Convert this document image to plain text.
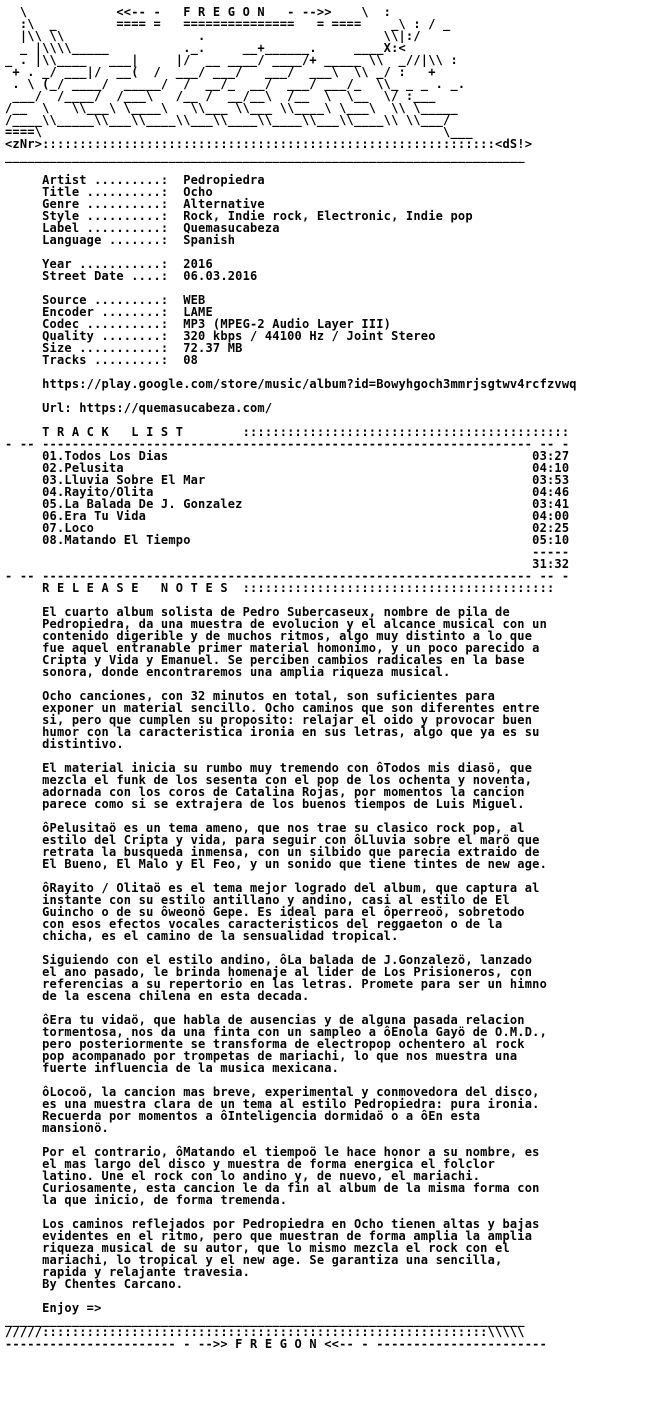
\            <<-- -   F R E G O N   - -->>    \  :
:\  _        ==== =   ===============   = ====    _\ : / _
|\\ \\                  .                        \\|:/
_ |\\\\_____          ._.     __+______.     ____X:<
_ . |\\____   ___|     |/  __ ____/ ____/+ _____ \\  _//|\\ :
+ . _/ ___|/  __(  /  ___/ ___/   ___/  ___\  \\ _/ :   +
. \ (_/ ____/  _____/  /  __/_  __/  ___/ ___/_  \\_ _ _ . _.
___/  /____/  /___\   /__ /  __/__\  /__  \  \__  \/ :___
/__  \   \\___\ \____\   \\___ \\___ \\____\ \___\  \\ \_____
/____\\_____\\___\\____\\___\\____\\____\\___\\____\\ \\___/
====\                                                      \___
<zNr>:::::::::::::::::::::::::::::::::::::::::::::::::::::::::::::<dS!>
______________________________________________________________________

Artist .........:  Pedropiedra
Title ..........:  Ocho
Genre ..........:  Alternative
Style ..........:  Rock, Indie rock, Electronic, Indie pop
Label ..........:  Quemasucabeza
Language .......:  Spanish

Year ...........:  2016
Street Date ....:  06.03.2016

Source .........:  WEB
Encoder ........:  LAME
Codec ..........:  MP3 (MPEG-2 Audio Layer III)
Quality ........:  320 kbps / 44100 Hz / Joint Stereo
Size ...........:  72.37 MB
Tracks .........:  08

https://play.google.com/store/music/album?id=Bowyhgoch3mmrjsgtwv4rcfzvwq

Url: https://quemasucabeza.com/

T R A C K   L I S T        ::::::::::::::::::::::::::::::::::::::::::::
- -- ------------------------------------------------------------------ -- -
01.Todos Los Dias                                                 03:27
02.Pelusita                                                       04:10
03.Lluvia Sobre El Mar                                            03:53
04.Rayito/Olita                                                   04:46
05.La Balada De J. Gonzalez                                       03:41
06.Era Tu Vida                                                    04:00
07.Loco                                                           02:25
08.Matando El Tiempo                                              05:10
-----
31:32
- -- ------------------------------------------------------------------ -- -
R E L E A S E   N O T E S  ::::::::::::::::::::::::::::::::::::::::::

El cuarto album solista de Pedro Subercaseux, nombre de pila de
Pedropiedra, da una muestra de evolucion y el alcance musical con un
contenido digerible y de muchos ritmos, algo muy distinto a lo que
fue aquel entranable primer material homonimo, y un poco parecido a
Cripta y Vida y Emanuel. Se perciben cambios radicales en la base
sonora, donde encontraremos una amplia riqueza musical.

Ocho canciones, con 32 minutos en total, son suficientes para
exponer un material sencillo. Ocho caminos que son diferentes entre
si, pero que cumplen su proposito: relajar el oido y provocar buen
humor con la caracteristica ironia en sus letras, algo que ya es su
distintivo.

El material inicia su rumbo muy tremendo con ôTodos mis diasö, que
mezcla el funk de los sesenta con el pop de los ochenta y noventa,
adornada con los coros de Catalina Rojas, por momentos la cancion
parece como si se extrajera de los buenos tiempos de Luis Miguel.

ôPelusitaö es un tema ameno, que nos trae su clasico rock pop, al
estilo del Cripta y vida, para seguir con ôLluvia sobre el marö que
retrata la busqueda inmensa, con un silbido que parecia extraido de
El Bueno, El Malo y El Feo, y un sonido que tiene tintes de new age.

ôRayito / Olitaö es el tema mejor logrado del album, que captura al
instante con su estilo antillano y andino, casi al estilo de El
Guincho o de su ôweonö Gepe. Es ideal para el ôperreoö, sobretodo
con esos efectos vocales caracteristicos del reggaeton o de la
chicha, es el camino de la sensualidad tropical.

Siguiendo con el estilo andino, ôLa balada de J.Gonzalezö, lanzado
el ano pasado, le brinda homenaje al lider de Los Prisioneros, con
referencias a su repertorio en las letras. Promete para ser un himno
de la escena chilena en esta decada.

ôEra tu vidaö, que habla de ausencias y de alguna pasada relacion
tormentosa, nos da una finta con un sampleo a ôEnola Gayö de O.M.D.,
pero posteriormente se transforma de electropop ochentero al rock
pop acompanado por trompetas de mariachi, lo que nos muestra una
fuerte influencia de la musica mexicana.

ôLocoö, la cancion mas breve, experimental y conmovedora del disco,
es una muestra clara de un tema al estilo Pedropiedra: pura ironia.
Recuerda por momentos a ôInteligencia dormidaö o a ôEn esta
mansionö.

Por el contrario, ôMatando el tiempoö le hace honor a su nombre, es
el mas largo del disco y muestra de forma energica el folclor
latino. Une el rock con lo andino y, de nuevo, el mariachi.
Curiosamente, esta cancion le da fin al album de la misma forma con
la que inicio, de forma tremenda.

Los caminos reflejados por Pedropiedra en Ocho tienen altas y bajas
evidentes en el ritmo, pero que muestran de forma amplia la amplia
riqueza musical de su autor, que lo mismo mezcla el rock con el
mariachi, lo tropical y el new age. Se garantiza una sencilla,
rapida y relajante travesia.
By Chentes Carcano.

Enjoy =>
______________________________________________________________________
/////::::::::::::::::::::::::::::::::::::::::::::::::::::::::::::\\\\\
----------------------- - -->> F R E G O N <<-- - -----------------------
